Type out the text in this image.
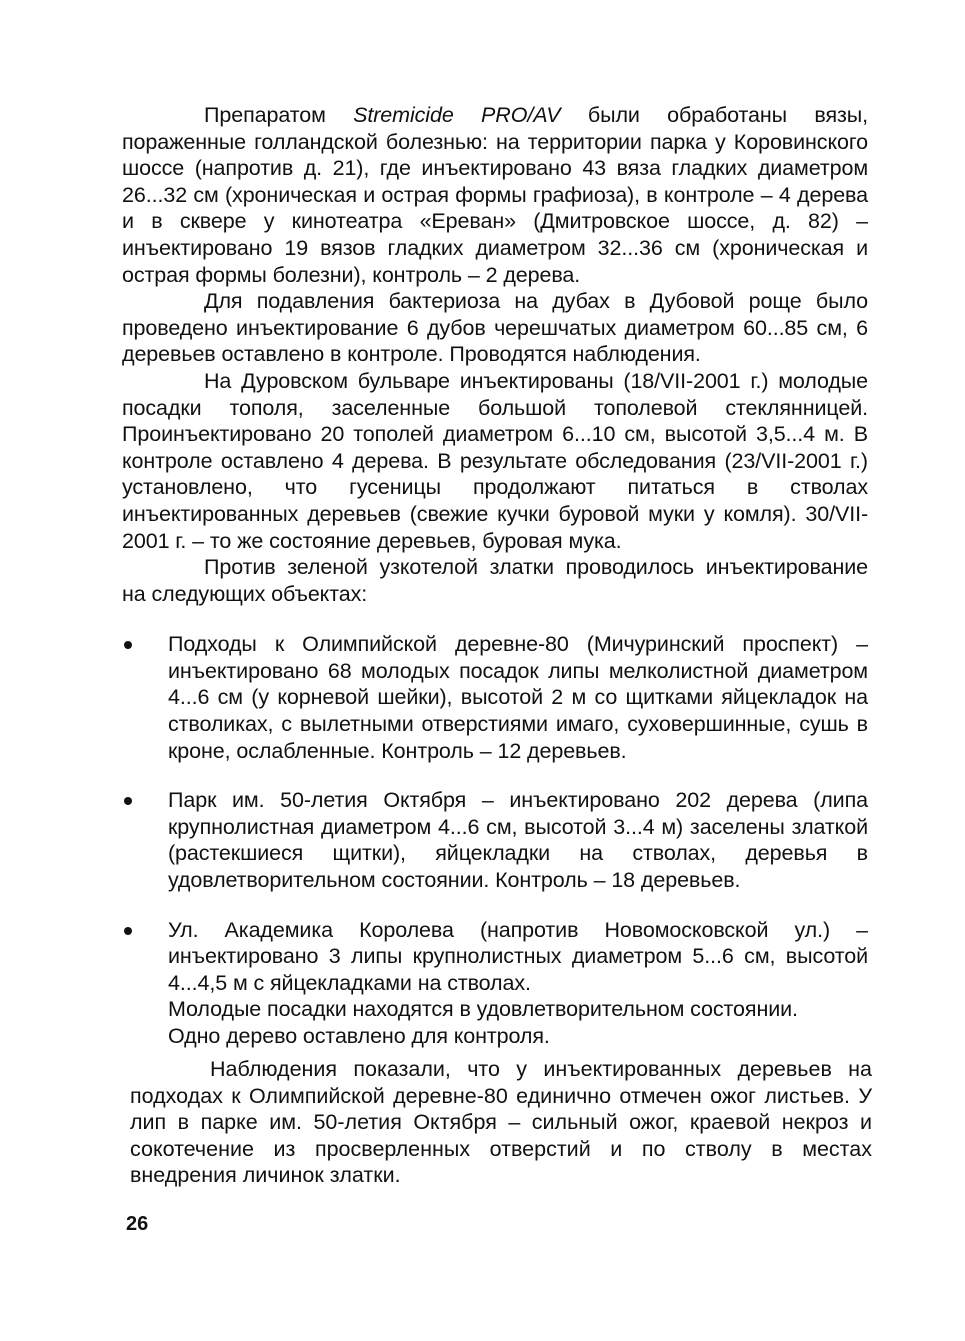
Препаратом Stremicide PRO/AV были обработаны вязы, пораженные голландской болезнью: на территории парка у Коровинского шоссе (напротив д. 21), где инъектировано 43 вяза гладких диаметром 26...32 см (хроническая и острая формы графиоза), в контроле – 4 дерева и в сквере у кинотеатра «Ереван» (Дмитровское шоссе, д. 82) – инъектировано 19 вязов гладких диаметром 32...36 см (хроническая и острая формы болезни), контроль – 2 дерева.

Для подавления бактериоза на дубах в Дубовой роще было проведено инъектирование 6 дубов черешчатых диаметром 60...85 см, 6 деревьев оставлено в контроле. Проводятся наблюдения.

На Дуровском бульваре инъектированы (18/VII-2001 г.) молодые посадки тополя, заселенные большой тополевой стеклянницей. Проинъектировано 20 тополей диаметром 6...10 см, высотой 3,5...4 м. В контроле оставлено 4 дерева. В результате обследования (23/VII-2001 г.) установлено, что гусеницы продолжают питаться в стволах инъектированных деревьев (свежие кучки буровой муки у комля). 30/VII-2001 г. – то же состояние деревьев, буровая мука.

Против зеленой узкотелой златки проводилось инъектирование на следующих объектах:

Подходы к Олимпийской деревне-80 (Мичуринский проспект) – инъектировано 68 молодых посадок липы мелколистной диаметром 4...6 см (у корневой шейки), высотой 2 м со щитками яйцекладок на стволиках, с вылетными отверстиями имаго, суховершинные, сушь в кроне, ослабленные. Контроль – 12 деревьев.
Парк им. 50-летия Октября – инъектировано 202 дерева (липа крупнолистная диаметром 4...6 см, высотой 3...4 м) заселены златкой (растекшиеся щитки), яйцекладки на стволах, деревья в удовлетворительном состоянии. Контроль – 18 деревьев.
Ул. Академика Королева (напротив Новомосковской ул.) – инъектировано 3 липы крупнолистных диаметром 5...6 см, высотой 4...4,5 м с яйцекладками на стволах.
Молодые посадки находятся в удовлетворительном состоянии.
Одно дерево оставлено для контроля.

Наблюдения показали, что у инъектированных деревьев на подходах к Олимпийской деревне-80 единично отмечен ожог листьев. У лип в парке им. 50-летия Октября – сильный ожог, краевой некроз и сокотечение из просверленных отверстий и по стволу в местах внедрения личинок златки.

26
